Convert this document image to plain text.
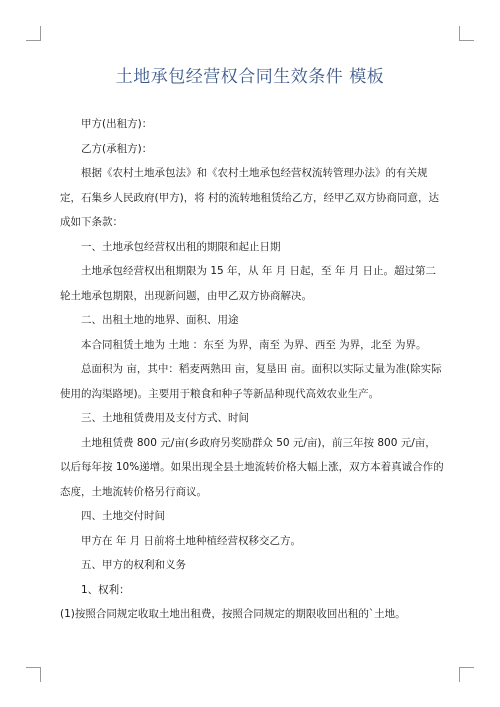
土地承包经营权合同生效条件 模板

甲方(出租方)：

乙方(承租方)：

根据《农村土地承包法》和《农村土地承包经营权流转管理办法》的有关规定，石集乡人民政府(甲方)，将 村的流转地租赁给乙方，经甲乙双方协商同意，达成如下条款：

一、土地承包经营权出租的期限和起止日期

土地承包经营权出租期限为 15 年，从 年 月 日起，至 年 月 日止。超过第二轮土地承包期限，出现新问题，由甲乙双方协商解决。

二、出租土地的地界、面积、用途

本合同租赁土地为 土地 ：东至 为界，南至 为界、西至 为界，北至 为界。

总面积为 亩，其中：稻麦两熟田 亩，复垦田 亩。面积以实际丈量为准(除实际使用的沟渠路埂)。主要用于粮食和种子等新品种现代高效农业生产。

三、土地租赁费用及支付方式、时间

土地租赁费 800 元/亩(乡政府另奖励群众 50 元/亩)，前三年按 800 元/亩，以后每年按 10%递增。如果出现全县土地流转价格大幅上涨，双方本着真诚合作的态度，土地流转价格另行商议。

四、土地交付时间

甲方在 年 月 日前将土地种植经营权移交乙方。

五、甲方的权利和义务

1、权利：

(1)按照合同规定收取土地出租费，按照合同规定的期限收回出租的`土地。
